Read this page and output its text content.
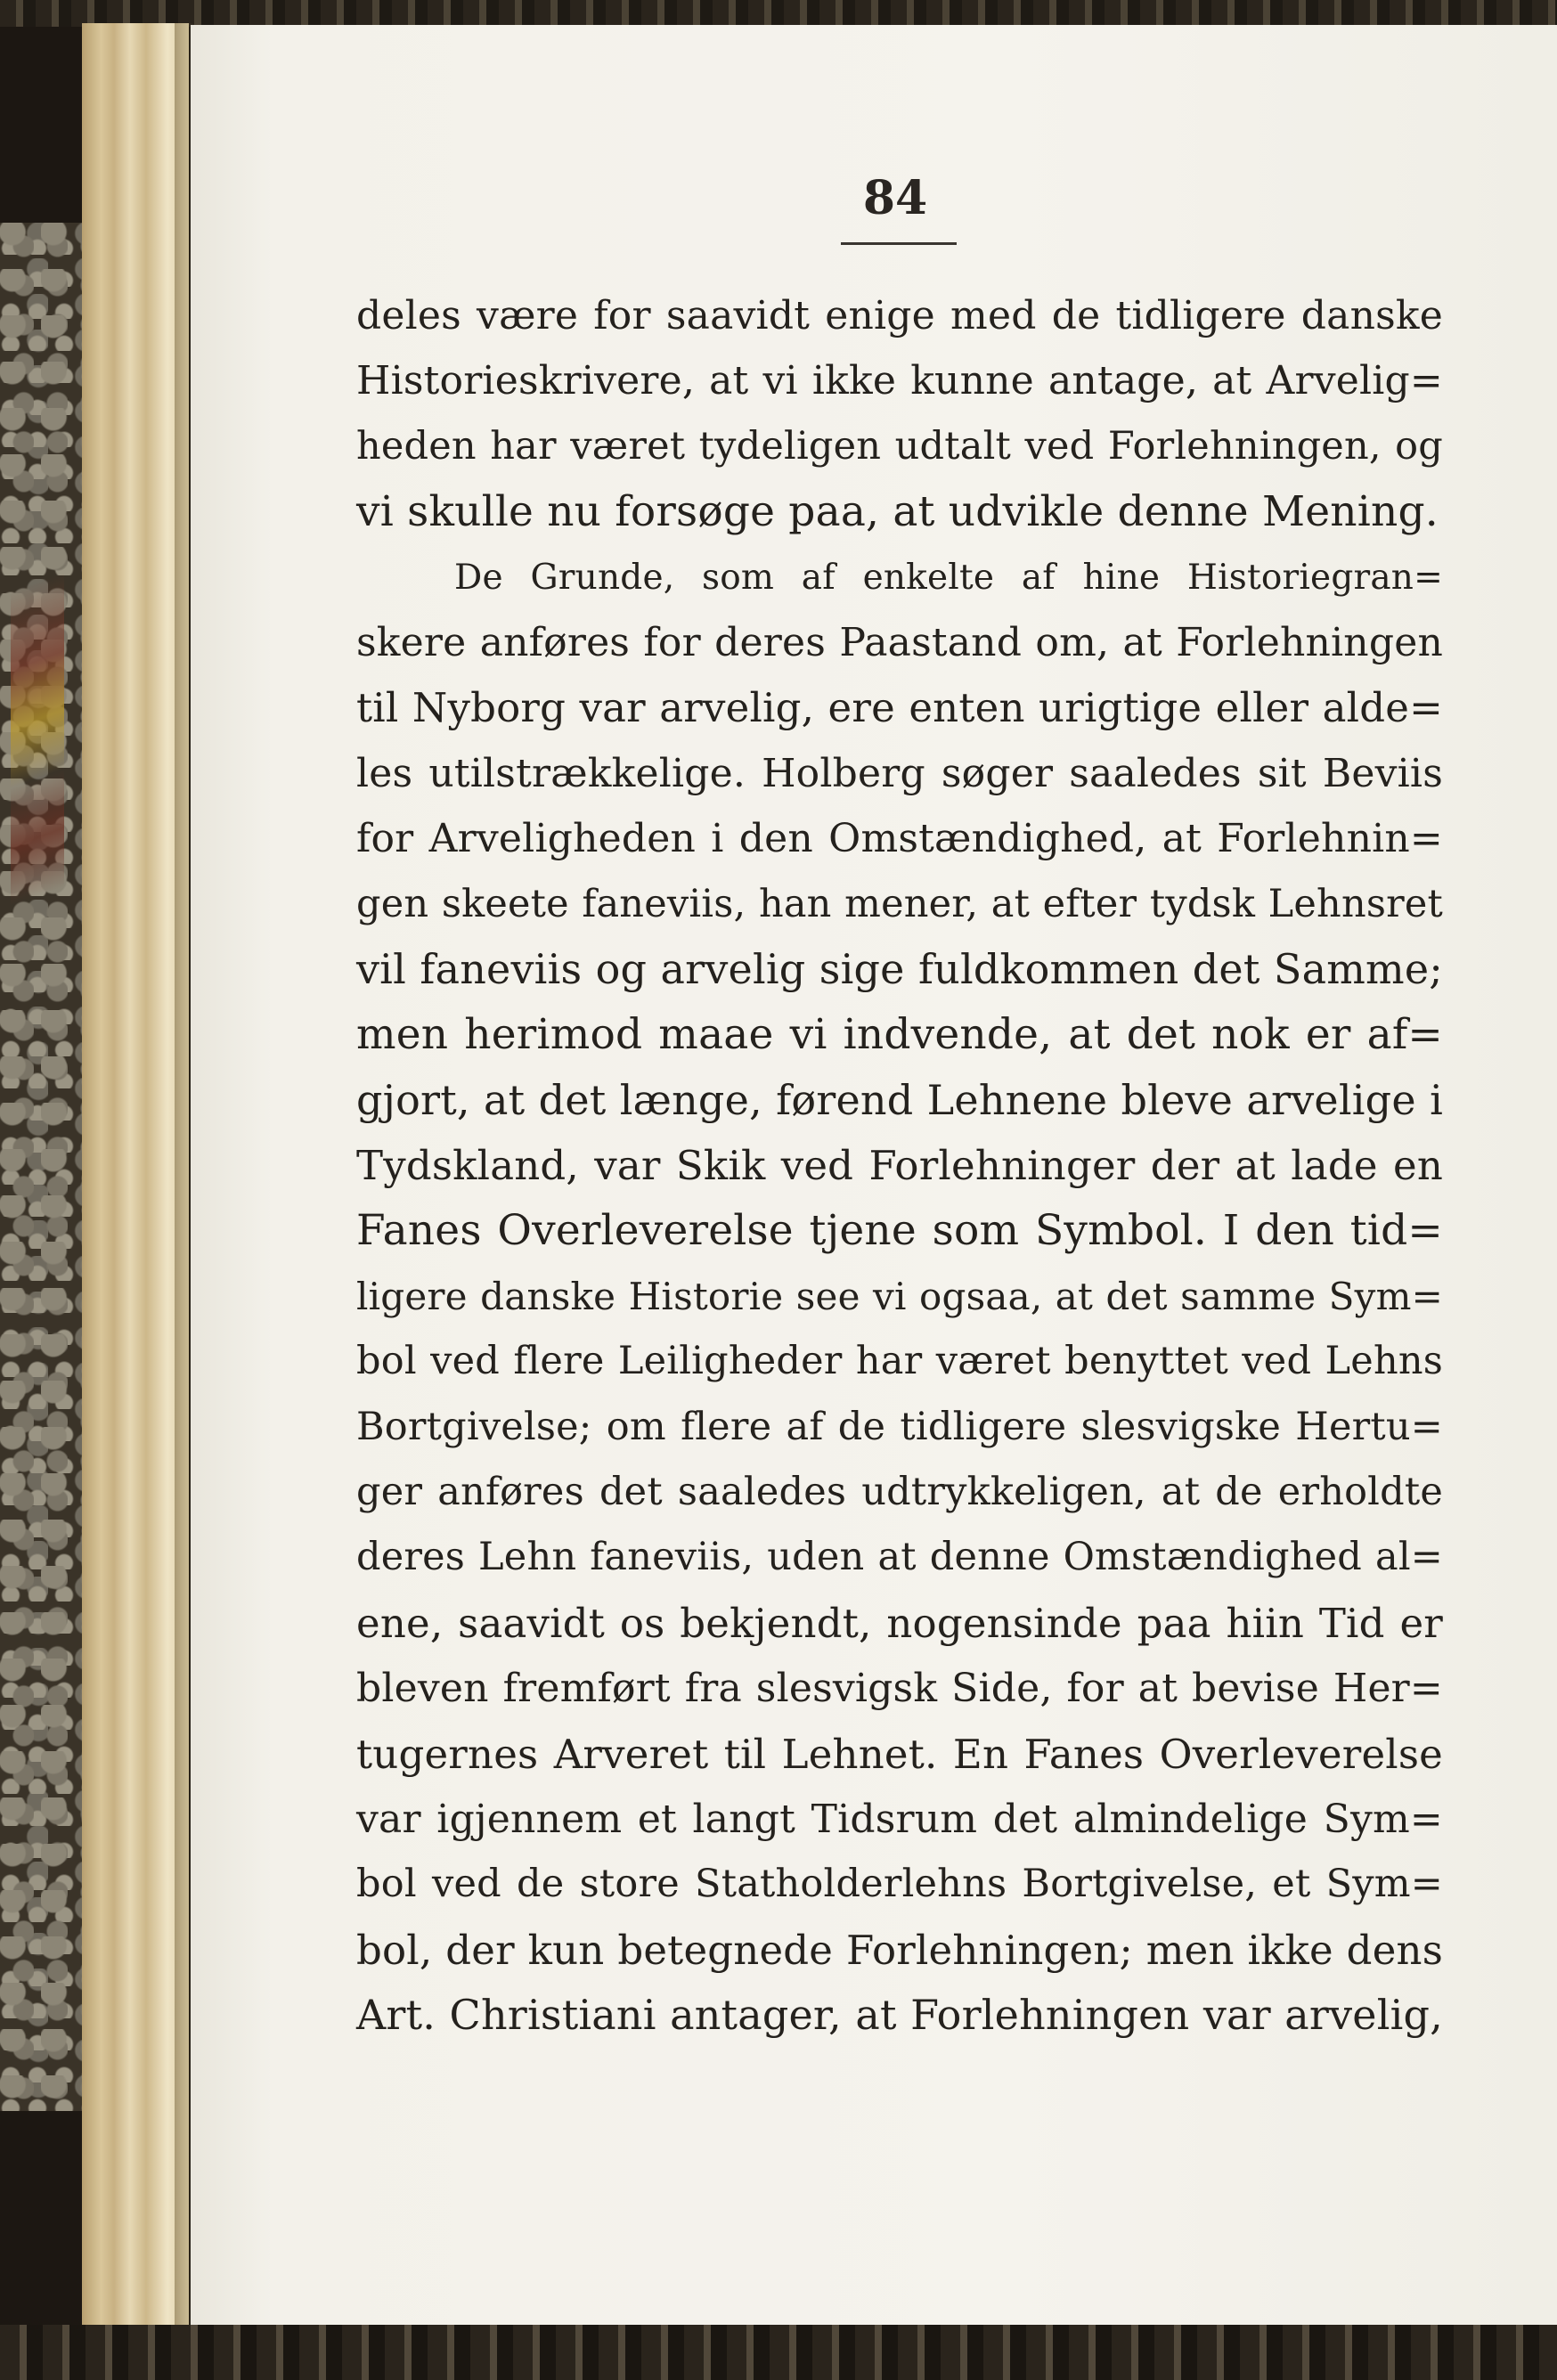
84
deles være for saavidt enige med de tidligere danske
Historieskrivere, at vi ikke kunne antage, at Arvelig=
heden har været tydeligen udtalt ved Forlehningen, og
vi skulle nu forsøge paa, at udvikle denne Mening.
De Grunde, som af enkelte af hine Historiegran=
skere anføres for deres Paastand om, at Forlehningen
til Nyborg var arvelig, ere enten urigtige eller alde=
les utilstrækkelige. Holberg søger saaledes sit Beviis
for Arveligheden i den Omstændighed, at Forlehnin=
gen skeete faneviis, han mener, at efter tydsk Lehnsret
vil faneviis og arvelig sige fuldkommen det Samme;
men herimod maae vi indvende, at det nok er af=
gjort, at det længe, førend Lehnene bleve arvelige i
Tydskland, var Skik ved Forlehninger der at lade en
Fanes Overleverelse tjene som Symbol. I den tid=
ligere danske Historie see vi ogsaa, at det samme Sym=
bol ved flere Leiligheder har været benyttet ved Lehns
Bortgivelse; om flere af de tidligere slesvigske Hertu=
ger anføres det saaledes udtrykkeligen, at de erholdte
deres Lehn faneviis, uden at denne Omstændighed al=
ene, saavidt os bekjendt, nogensinde paa hiin Tid er
bleven fremført fra slesvigsk Side, for at bevise Her=
tugernes Arveret til Lehnet. En Fanes Overleverelse
var igjennem et langt Tidsrum det almindelige Sym=
bol ved de store Statholderlehns Bortgivelse, et Sym=
bol, der kun betegnede Forlehningen; men ikke dens
Art. Christiani antager, at Forlehningen var arvelig,
